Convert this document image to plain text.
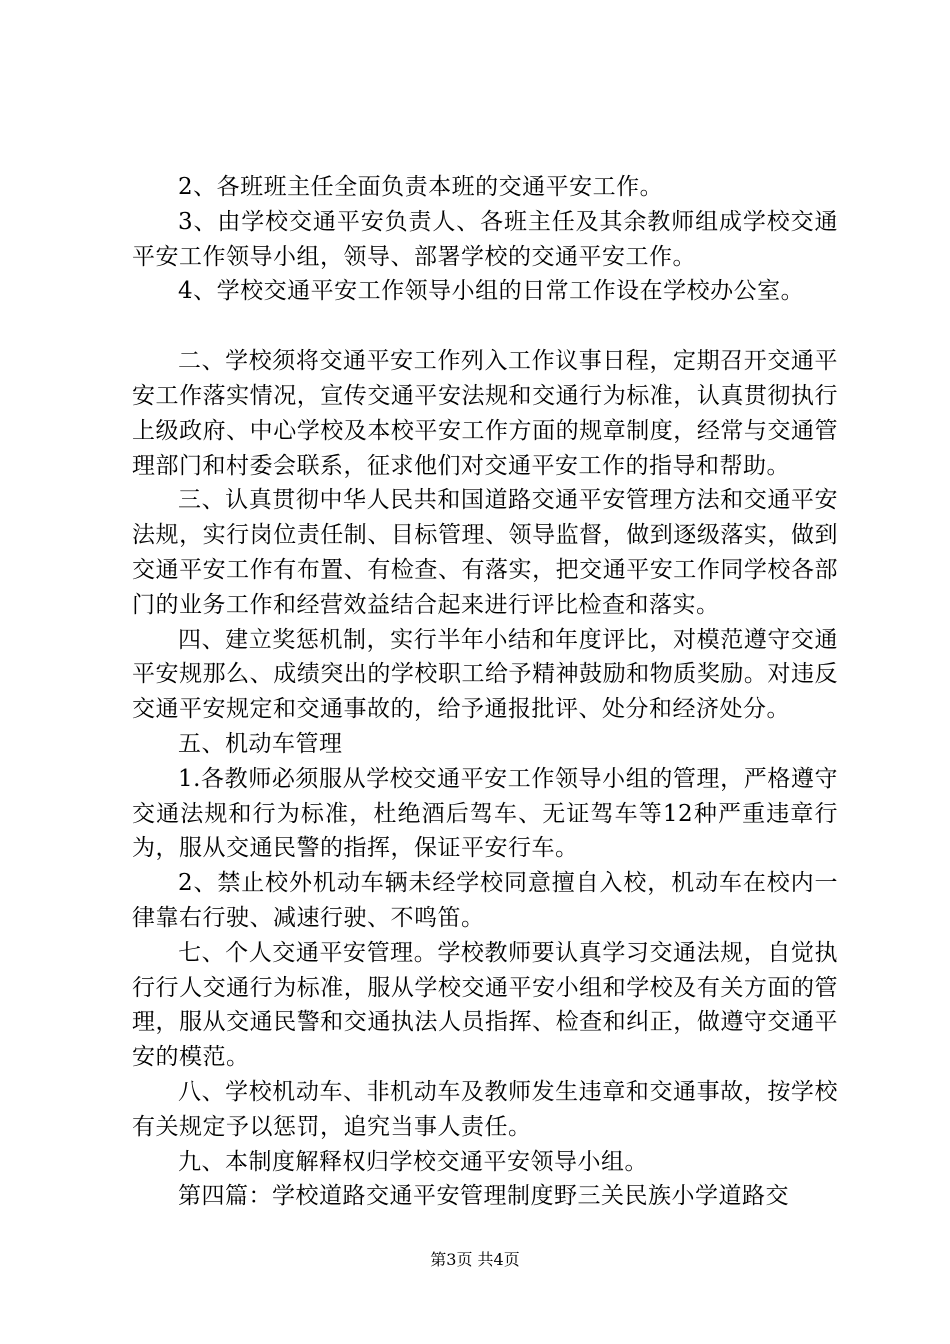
2、各班班主任全面负责本班的交通平安工作。

3、由学校交通平安负责人、各班主任及其余教师组成学校交通平安工作领导小组，领导、部署学校的交通平安工作。

4、学校交通平安工作领导小组的日常工作设在学校办公室。

二、学校须将交通平安工作列入工作议事日程，定期召开交通平安工作落实情况，宣传交通平安法规和交通行为标准，认真贯彻执行上级政府、中心学校及本校平安工作方面的规章制度，经常与交通管理部门和村委会联系，征求他们对交通平安工作的指导和帮助。

三、认真贯彻中华人民共和国道路交通平安管理方法和交通平安法规，实行岗位责任制、目标管理、领导监督，做到逐级落实，做到交通平安工作有布置、有检查、有落实，把交通平安工作同学校各部门的业务工作和经营效益结合起来进行评比检查和落实。

四、建立奖惩机制，实行半年小结和年度评比，对模范遵守交通平安规那么、成绩突出的学校职工给予精神鼓励和物质奖励。对违反交通平安规定和交通事故的，给予通报批评、处分和经济处分。

五、机动车管理

1.各教师必须服从学校交通平安工作领导小组的管理，严格遵守交通法规和行为标准，杜绝酒后驾车、无证驾车等12种严重违章行为，服从交通民警的指挥，保证平安行车。

2、禁止校外机动车辆未经学校同意擅自入校，机动车在校内一律靠右行驶、减速行驶、不鸣笛。

七、个人交通平安管理。学校教师要认真学习交通法规，自觉执行行人交通行为标准，服从学校交通平安小组和学校及有关方面的管理，服从交通民警和交通执法人员指挥、检查和纠正，做遵守交通平安的模范。

八、学校机动车、非机动车及教师发生违章和交通事故，按学校有关规定予以惩罚，追究当事人责任。

九、本制度解释权归学校交通平安领导小组。

第四篇：学校道路交通平安管理制度野三关民族小学道路交

第3页 共4页
